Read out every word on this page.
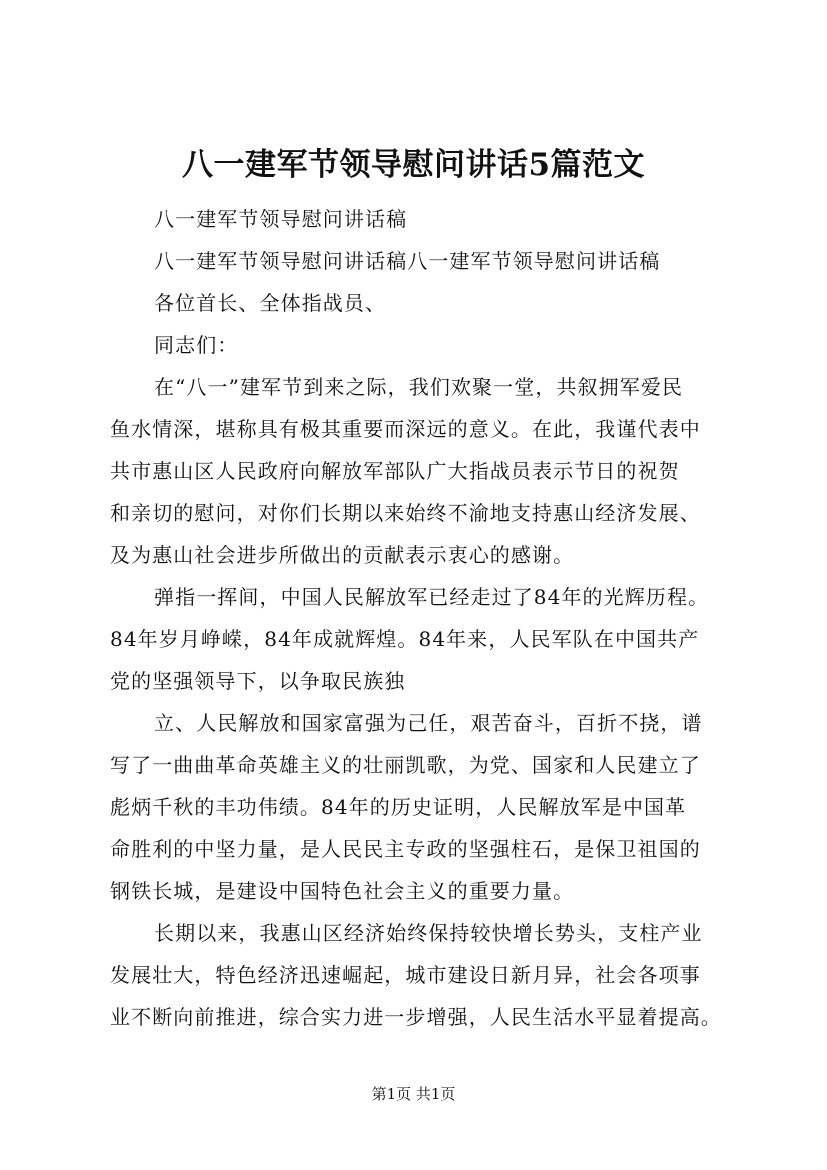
八一建军节领导慰问讲话5篇范文
八一建军节领导慰问讲话稿
八一建军节领导慰问讲话稿八一建军节领导慰问讲话稿
各位首长、全体指战员、
同志们：
在“八一”建军节到来之际，我们欢聚一堂，共叙拥军爱民
鱼水情深，堪称具有极其重要而深远的意义。在此，我谨代表中
共市惠山区人民政府向解放军部队广大指战员表示节日的祝贺
和亲切的慰问，对你们长期以来始终不渝地支持惠山经济发展、
及为惠山社会进步所做出的贡献表示衷心的感谢。
弹指一挥间，中国人民解放军已经走过了84年的光辉历程。
84年岁月峥嵘，84年成就辉煌。84年来，人民军队在中国共产
党的坚强领导下，以争取民族独
立、人民解放和国家富强为己任，艰苦奋斗，百折不挠，谱
写了一曲曲革命英雄主义的壮丽凯歌，为党、国家和人民建立了
彪炳千秋的丰功伟绩。84年的历史证明，人民解放军是中国革
命胜利的中坚力量，是人民民主专政的坚强柱石，是保卫祖国的
钢铁长城，是建设中国特色社会主义的重要力量。
长期以来，我惠山区经济始终保持较快增长势头，支柱产业
发展壮大，特色经济迅速崛起，城市建设日新月异，社会各项事
业不断向前推进，综合实力进一步增强，人民生活水平显着提高。
第1页 共1页
